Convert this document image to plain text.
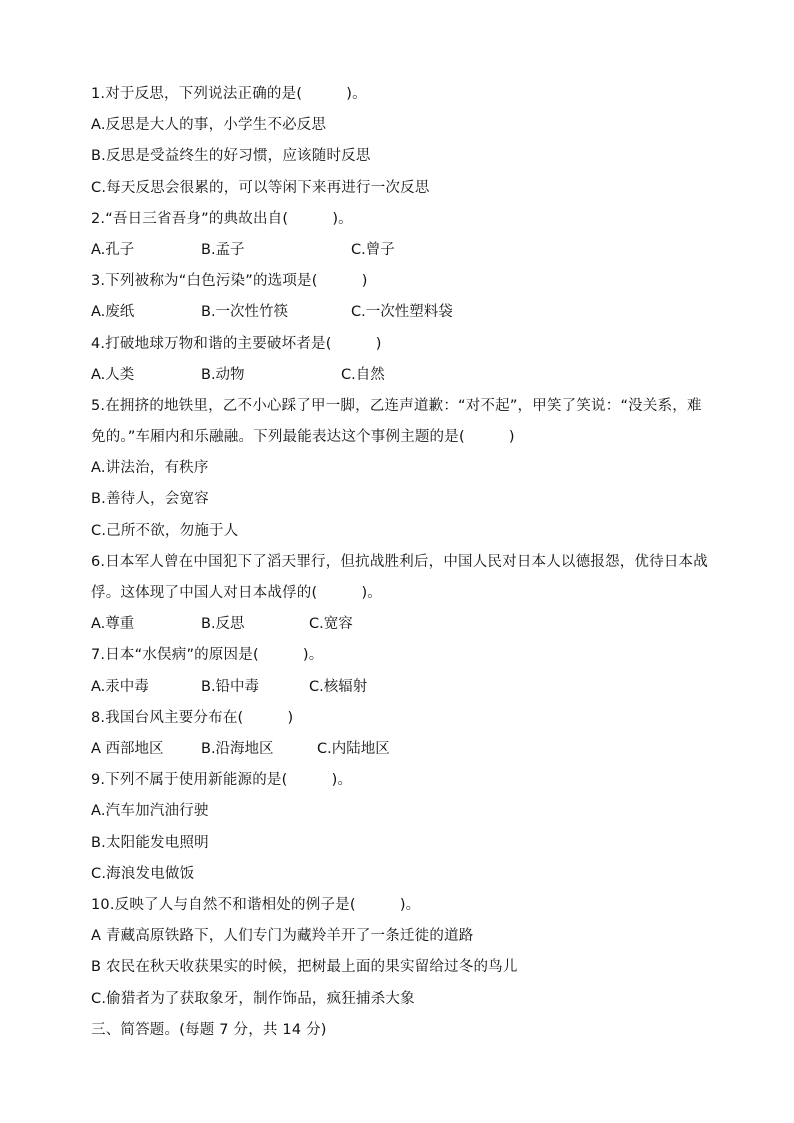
1.对于反思，下列说法正确的是(　　　)。
A.反思是大人的事，小学生不必反思
B.反思是受益终生的好习惯，应该随时反思
C.每天反思会很累的，可以等闲下来再进行一次反思
2.“吾日三省吾身”的典故出自(　　　)。
A.孔子	B.孟子	C.曾子
3.下列被称为“白色污染”的选项是(　　　)
A.废纸	B.一次性竹筷	C.一次性塑料袋
4.打破地球万物和谐的主要破坏者是(　　　)
A.人类	B.动物	C.自然
5.在拥挤的地铁里，乙不小心踩了甲一脚，乙连声道歉：“对不起”，甲笑了笑说：“没关系，难免的。”车厢内和乐融融。下列最能表达这个事例主题的是(　　　)
A.讲法治，有秩序
B.善待人，会宽容
C.己所不欲，勿施于人
6.日本军人曾在中国犯下了滔天罪行，但抗战胜利后，中国人民对日本人以德报怨，优待日本战俘。这体现了中国人对日本战俘的(　　　)。
A.尊重	B.反思	C.宽容
7.日本“水俣病”的原因是(　　　)。
A.汞中毒	B.铅中毒	C.核辐射
8.我国台风主要分布在(　　　)
A 西部地区	B.沿海地区	C.内陆地区
9.下列不属于使用新能源的是(　　　)。
A.汽车加汽油行驶
B.太阳能发电照明
C.海浪发电做饭
10.反映了人与自然不和谐相处的例子是(　　　)。
A 青藏高原铁路下，人们专门为藏羚羊开了一条迁徙的道路
B 农民在秋天收获果实的时候，把树最上面的果实留给过冬的鸟儿
C.偷猎者为了获取象牙，制作饰品，疯狂捕杀大象
三、简答题。(每题 7 分，共 14 分)
